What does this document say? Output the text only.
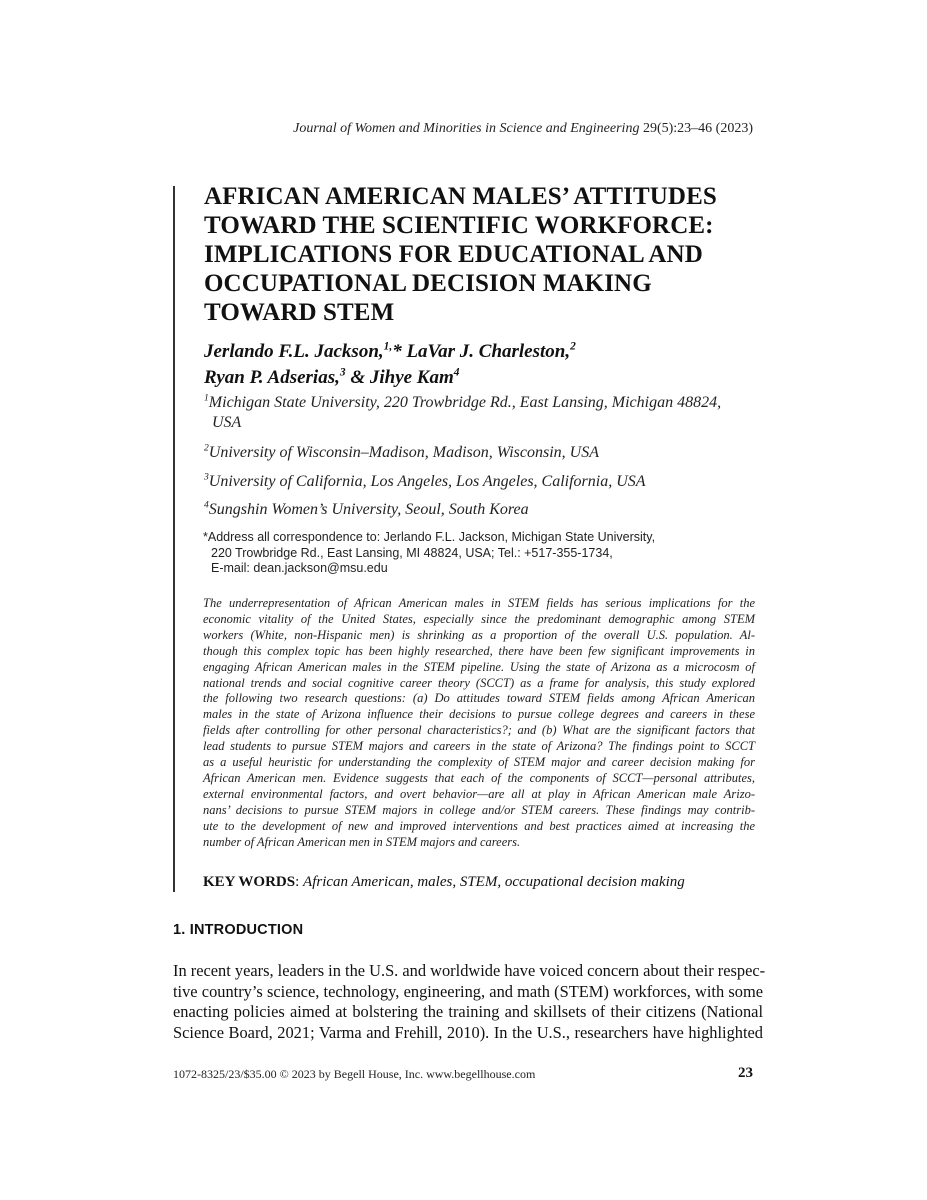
Journal of Women and Minorities in Science and Engineering 29(5):23–46 (2023)
AFRICAN AMERICAN MALES’ ATTITUDES
TOWARD THE SCIENTIFIC WORKFORCE:
IMPLICATIONS FOR EDUCATIONAL AND
OCCUPATIONAL DECISION MAKING
TOWARD STEM
Jerlando F.L. Jackson,$^{1,}$* LaVar J. Charleston,$^2$
Ryan P. Adserias,$^3$ & Jihye Kam$^4$
$^1$Michigan State University, 220 Trowbridge Rd., East Lansing, Michigan 48824,
USA
$^2$University of Wisconsin–Madison, Madison, Wisconsin, USA
$^3$University of California, Los Angeles, Los Angeles, California, USA
$^4$Sungshin Women’s University, Seoul, South Korea
*Address all correspondence to: Jerlando F.L. Jackson, Michigan State University,
220 Trowbridge Rd., East Lansing, MI 48824, USA; Tel.: +517-355-1734,
E-mail: dean.jackson@msu.edu
The underrepresentation of African American males in STEM fields has serious implications for the
economic vitality of the United States, especially since the predominant demographic among STEM
workers (White, non-Hispanic men) is shrinking as a proportion of the overall U.S. population. Al-
though this complex topic has been highly researched, there have been few significant improvements in
engaging African American males in the STEM pipeline. Using the state of Arizona as a microcosm of
national trends and social cognitive career theory (SCCT) as a frame for analysis, this study explored
the following two research questions: (a) Do attitudes toward STEM fields among African American
males in the state of Arizona influence their decisions to pursue college degrees and careers in these
fields after controlling for other personal characteristics?; and (b) What are the significant factors that
lead students to pursue STEM majors and careers in the state of Arizona? The findings point to SCCT
as a useful heuristic for understanding the complexity of STEM major and career decision making for
African American men. Evidence suggests that each of the components of SCCT—personal attributes,
external environmental factors, and overt behavior—are all at play in African American male Arizo-
nans’ decisions to pursue STEM majors in college and/or STEM careers. These findings may contrib-
ute to the development of new and improved interventions and best practices aimed at increasing the
number of African American men in STEM majors and careers.
KEY WORDS: African American, males, STEM, occupational decision making
1. INTRODUCTION
In recent years, leaders in the U.S. and worldwide have voiced concern about their respec-
tive country’s science, technology, engineering, and math (STEM) workforces, with some
enacting policies aimed at bolstering the training and skillsets of their citizens (National
Science Board, 2021; Varma and Frehill, 2010). In the U.S., researchers have highlighted
1072-8325/23/$35.00 © 2023 by Begell House, Inc. www.begellhouse.com	23
